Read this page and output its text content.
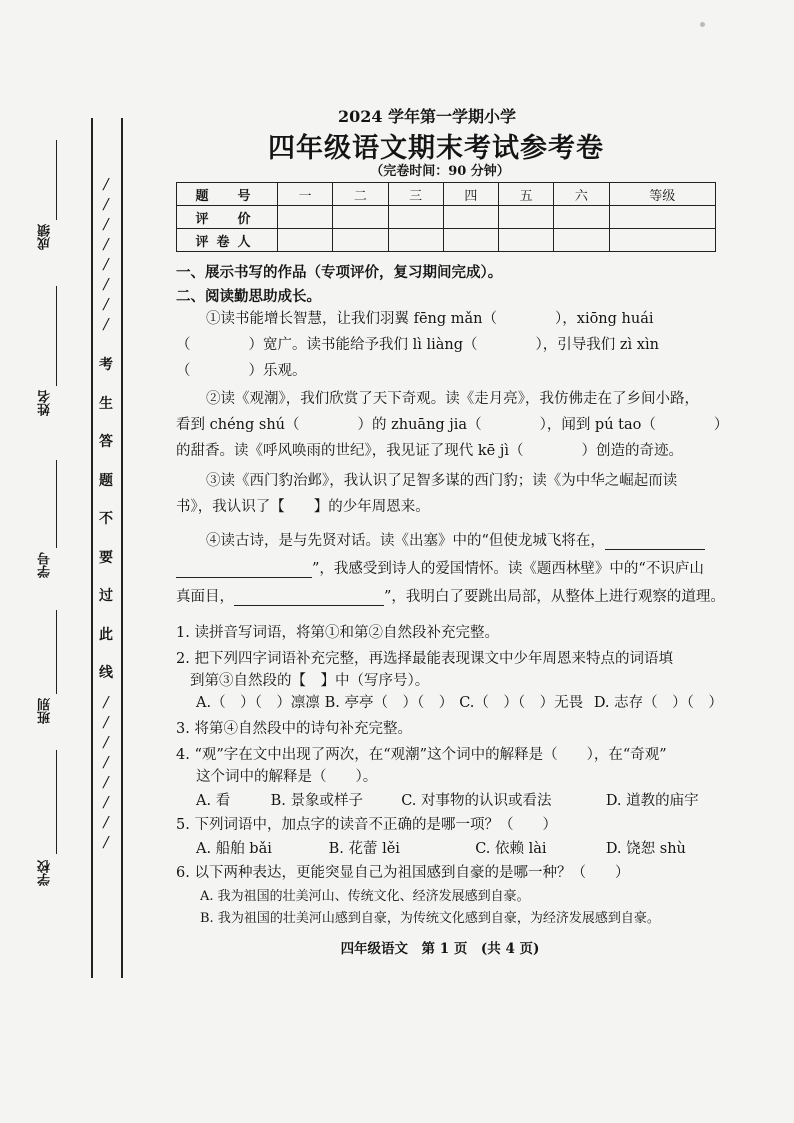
成绩
姓名
学号
班别
学校
/
/
/
/
/
/
/
/
/
/
/
/
/
/
/
/
考
生
答
题
不
要
过
此
线
2024 学年第一学期小学
四年级语文期末考试参考卷
（完卷时间：90 分钟）
题　号	一	二	三	四	五	六	等级
评　价							
评卷人							
一、展示书写的作品（专项评价，复习期间完成）。
二、阅读勤思助成长。
①读书能增长智慧，让我们羽翼 fēng mǎn（　　　　），xiōng huái
（　　　　）宽广。读书能给予我们 lì liàng（　　　　），引导我们 zì xìn
（　　　　）乐观。
②读《观潮》，我们欣赏了天下奇观。读《走月亮》，我仿佛走在了乡间小路，
看到 chéng shú（　　　　）的 zhuāng jia（　　　　），闻到 pú tao（　　　　）
的甜香。读《呼风唤雨的世纪》，我见证了现代 kē jì（　　　　）创造的奇迹。
③读《西门豹治邺》，我认识了足智多谋的西门豹；读《为中华之崛起而读
书》，我认识了【　　】的少年周恩来。
④读古诗，是与先贤对话。读《出塞》中的“但使龙城飞将在，
”，我感受到诗人的爱国情怀。读《题西林壁》中的“不识庐山
真面目，	”，我明白了要跳出局部，从整体上进行观察的道理。
1. 读拼音写词语，将第①和第②自然段补充完整。
2. 把下列四字词语补充完整，再选择最能表现课文中少年周恩来特点的词语填
到第③自然段的【　】中（写序号）。
A.（　）（　）凛凛 B. 亭亭（　）（　） C.（　）（　）无畏 D. 志存（　）（　）
3. 将第④自然段中的诗句补充完整。
4. “观”字在文中出现了两次，在“观潮”这个词中的解释是（　　），在“奇观”
这个词中的解释是（　　）。
A. 看	B. 景象或样子	C. 对事物的认识或看法	D. 道教的庙宇
5. 下列词语中，加点字的读音不正确的是哪一项？（　　）
A. 船舶 bǎi	B. 花蕾 lěi	C. 依赖 lài	D. 饶恕 shù
6. 以下两种表达，更能突显自己为祖国感到自豪的是哪一种？（　　）
A. 我为祖国的壮美河山、传统文化、经济发展感到自豪。
B. 我为祖国的壮美河山感到自豪，为传统文化感到自豪，为经济发展感到自豪。
四年级语文　第 1 页　(共 4 页)
